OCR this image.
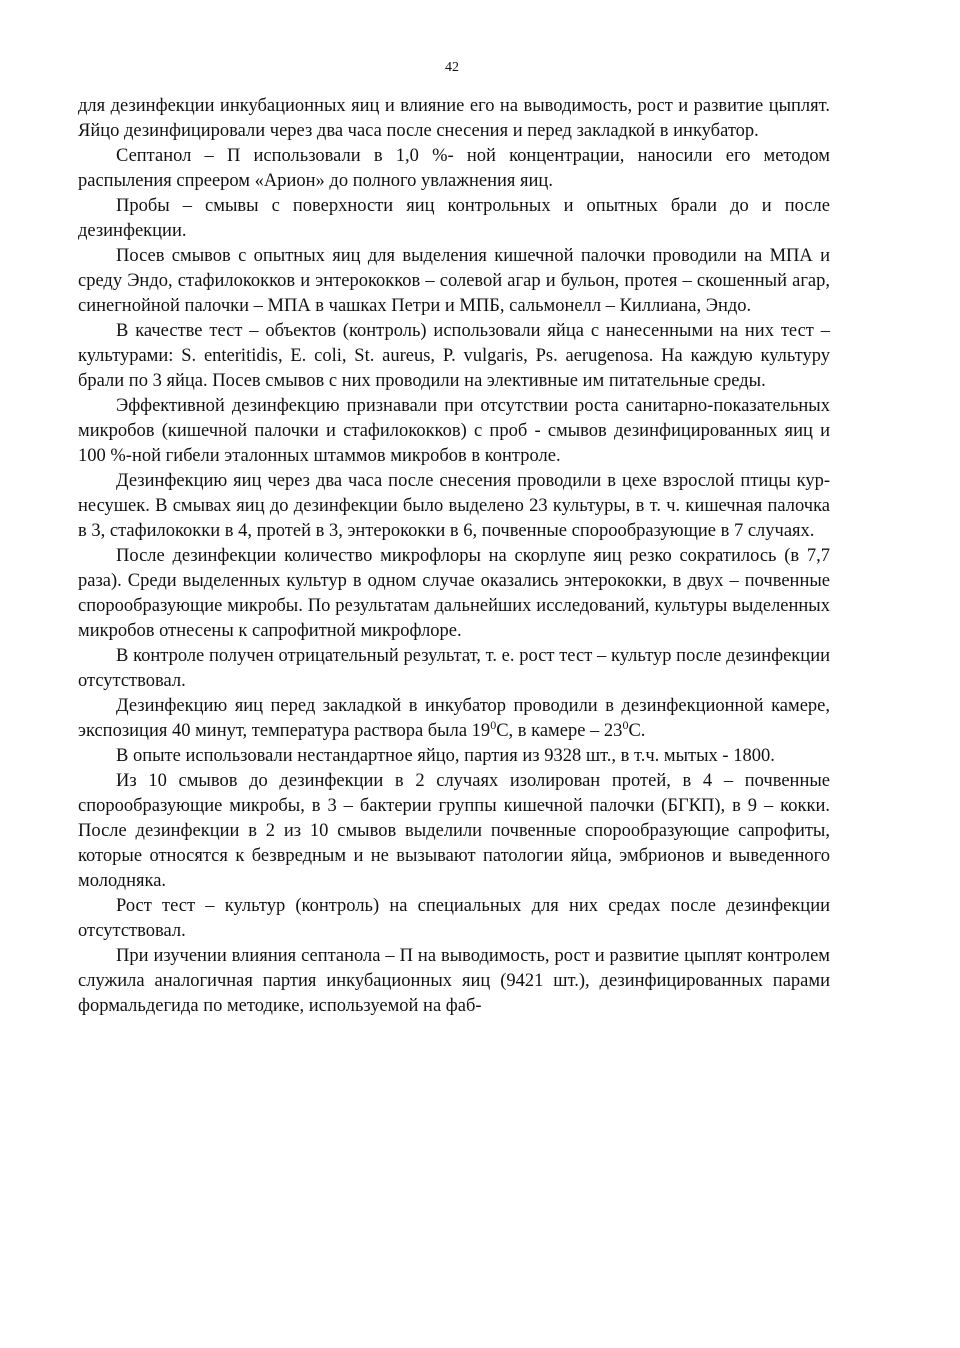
42

для дезинфекции инкубационных яиц и влияние его на выводимость, рост и развитие цыплят. Яйцо дезинфицировали через два часа после снесения и перед закладкой в инкубатор.

Септанол – П использовали в 1,0 %- ной концентрации, наносили его методом распыления спреером «Арион» до полного увлажнения яиц.

Пробы – смывы с поверхности яиц контрольных и опытных брали до и после дезинфекции.

Посев смывов с опытных яиц для выделения кишечной палочки проводили на МПА и среду Эндо, стафилококков и энтерококков – солевой агар и бульон, протея – скошенный агар, синегнойной палочки – МПА в чашках Петри и МПБ, сальмонелл – Киллиана, Эндо.

В качестве тест – объектов (контроль) использовали яйца с нанесенными на них тест – культурами: S. enteritidis, E. coli, St. aureus, P. vulgaris, Ps. aerugenosa. На каждую культуру брали по 3 яйца. Посев смывов с них проводили на элективные им питательные среды.

Эффективной дезинфекцию признавали при отсутствии роста санитарно-показательных микробов (кишечной палочки и стафилококков) с проб - смывов дезинфицированных яиц и 100 %-ной гибели эталонных штаммов микробов в контроле.

Дезинфекцию яиц через два часа после снесения проводили в цехе взрослой птицы кур-несушек. В смывах яиц до дезинфекции было выделено 23 культуры, в т. ч. кишечная палочка в 3, стафилококки в 4, протей в 3, энтерококки в 6, почвенные спорообразующие в 7 случаях.

После дезинфекции количество микрофлоры на скорлупе яиц резко сократилось (в 7,7 раза). Среди выделенных культур в одном случае оказались энтерококки, в двух – почвенные спорообразующие микробы. По результатам дальнейших исследований, культуры выделенных микробов отнесены к сапрофитной микрофлоре.

В контроле получен отрицательный результат, т. е. рост тест – культур после дезинфекции отсутствовал.

Дезинфекцию яиц перед закладкой в инкубатор проводили в дезинфекционной камере, экспозиция 40 минут, температура раствора была $19^0С$, в камере – $23^0С$.

В опыте использовали нестандартное яйцо, партия из 9328 шт., в т.ч. мытых - 1800.

Из 10 смывов до дезинфекции в 2 случаях изолирован протей, в 4 – почвенные спорообразующие микробы, в 3 – бактерии группы кишечной палочки (БГКП), в 9 – кокки. После дезинфекции в 2 из 10 смывов выделили почвенные спорообразующие сапрофиты, которые относятся к безвредным и не вызывают патологии яйца, эмбрионов и выведенного молодняка.

Рост тест – культур (контроль) на специальных для них средах после дезинфекции отсутствовал.

При изучении влияния септанола – П на выводимость, рост и развитие цыплят контролем служила аналогичная партия инкубационных яиц (9421 шт.), дезинфицированных парами формальдегида по методике, используемой на фаб-
